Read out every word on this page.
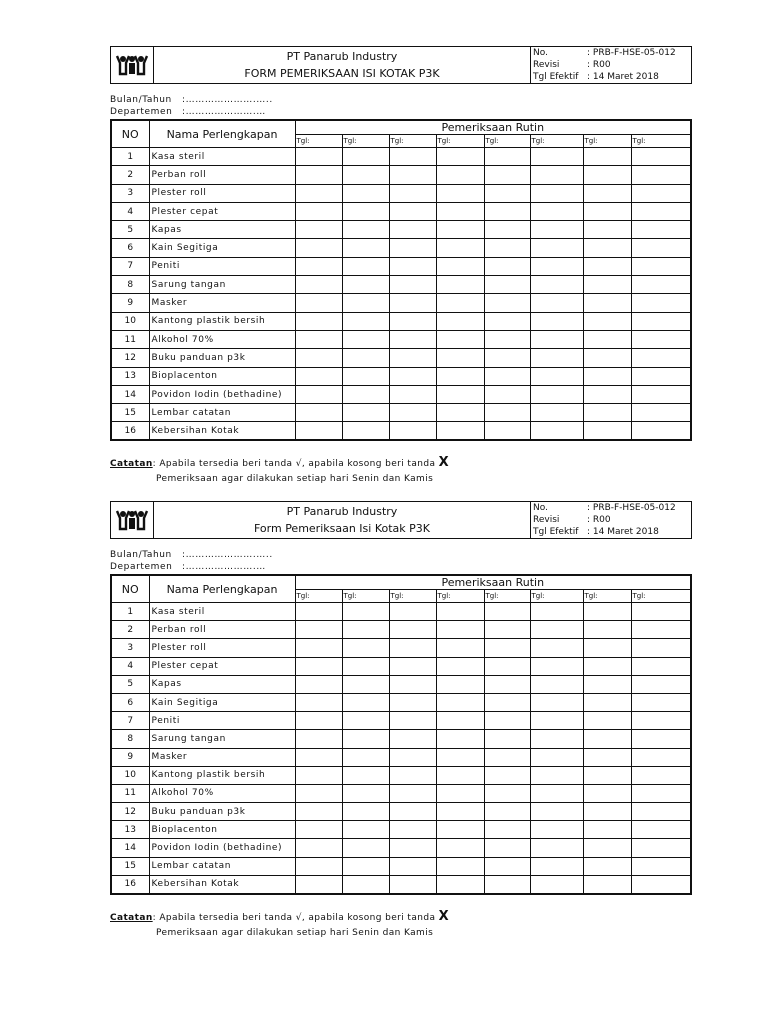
PT Panarub Industry
FORM PEMERIKSAAN ISI KOTAK P3K
No.	: PRB-F-HSE-05-012
Revisi	: R00
Tgl Efektif : 14 Maret 2018
Bulan/Tahun	:………………….…..
Departemen	:………………….…
NO	Nama Perlengkapan	Pemeriksaan Rutin							
		Tgl:	Tgl:	Tgl:	Tgl:	Tgl:	Tgl:	Tgl:	Tgl:
1	Kasa steril								
2	Perban roll								
3	Plester roll								
4	Plester cepat								
5	Kapas								
6	Kain Segitiga								
7	Peniti								
8	Sarung tangan								
9	Masker								
10	Kantong plastik bersih								
11	Alkohol 70%								
12	Buku panduan p3k								
13	Bioplacenton								
14	Povidon Iodin (bethadine)								
15	Lembar catatan								
16	Kebersihan Kotak								
Catatan: Apabila tersedia beri tanda √, apabila kosong beri tanda X
Pemeriksaan agar dilakukan setiap hari Senin dan Kamis
PT Panarub Industry
Form Pemeriksaan Isi Kotak P3K
No.	: PRB-F-HSE-05-012
Revisi	: R00
Tgl Efektif : 14 Maret 2018
Bulan/Tahun	:………………….…..
Departemen	:………………….…
NO	Nama Perlengkapan	Pemeriksaan Rutin							
		Tgl:	Tgl:	Tgl:	Tgl:	Tgl:	Tgl:	Tgl:	Tgl:
1	Kasa steril								
2	Perban roll								
3	Plester roll								
4	Plester cepat								
5	Kapas								
6	Kain Segitiga								
7	Peniti								
8	Sarung tangan								
9	Masker								
10	Kantong plastik bersih								
11	Alkohol 70%								
12	Buku panduan p3k								
13	Bioplacenton								
14	Povidon Iodin (bethadine)								
15	Lembar catatan								
16	Kebersihan Kotak								
Catatan: Apabila tersedia beri tanda √, apabila kosong beri tanda X
Pemeriksaan agar dilakukan setiap hari Senin dan Kamis
